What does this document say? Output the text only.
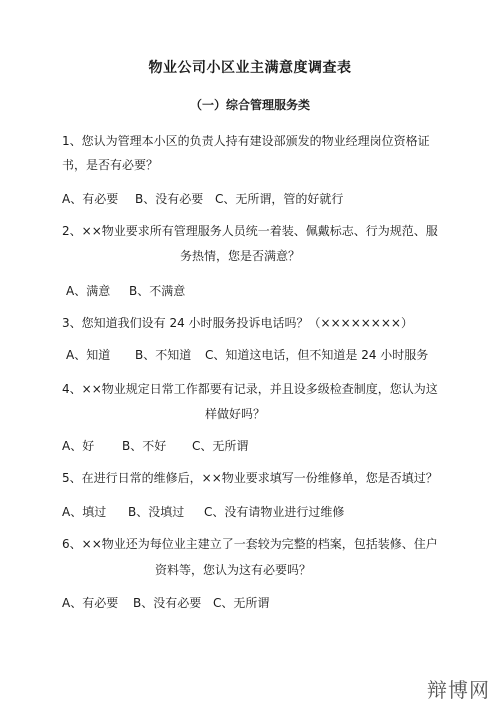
物业公司小区业主满意度调查表
（一）综合管理服务类
1、您认为管理本小区的负责人持有建设部颁发的物业经理岗位资格证
书，是否有必要？
A、有必要 B、没有必要 C、无所谓，管的好就行
2、××物业要求所有管理服务人员统一着装、佩戴标志、行为规范、服
务热情，您是否满意？
A、满意 B、不满意
3、您知道我们设有 24 小时服务投诉电话吗？（××××××××）
A、知道 B、不知道 C、知道这电话，但不知道是 24 小时服务
4、××物业规定日常工作都要有记录，并且设多级检查制度，您认为这
样做好吗？
A、好 B、不好 C、无所谓
5、在进行日常的维修后，××物业要求填写一份维修单，您是否填过？
A、填过 B、没填过 C、没有请物业进行过维修
6、××物业还为每位业主建立了一套较为完整的档案，包括装修、住户
资料等，您认为这有必要吗？
A、有必要 B、没有必要 C、无所谓
辩博网
